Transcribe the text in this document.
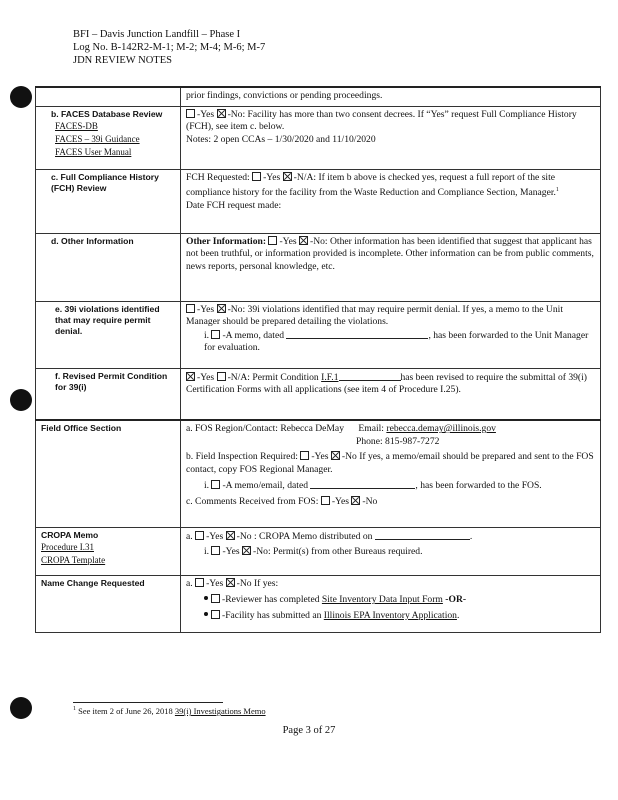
BFI – Davis Junction Landfill – Phase I
Log No. B-142R2-M-1; M-2; M-4; M-6; M-7
JDN REVIEW NOTES
	prior findings, convictions or pending proceedings.

b. FACES Database Review
FACES-DB
FACES – 39i Guidance
FACES User Manual	-Yes -No: Facility has more than two consent decrees. If “Yes” request Full Compliance History (FCH), see item c. below.
Notes: 2 open CCAs – 1/30/2020 and 11/10/2020

c. Full Compliance History (FCH) Review	FCH Requested: -Yes -N/A: If item b above is checked yes, request a full report of the site compliance history for the facility from the Waste Reduction and Compliance Section, Manager.$^1$
Date FCH request made:

d. Other Information	Other Information: -Yes -No: Other information has been identified that suggest that applicant has not been truthful, or information provided is incomplete. Other information can be from public comments, news reports, personal knowledge, etc.

e. 39i violations identified that may require permit denial.	-Yes -No: 39i violations identified that may require permit denial. If yes, a memo to the Unit Manager should be prepared detailing the violations.

i. -A memo, dated , has been forwarded to the Unit Manager for evaluation.

f. Revised Permit Condition for 39(i)	-Yes -N/A: Permit Condition I.F.1 has been revised to require the submittal of 39(i) Certification Forms with all applications (see item 4 of Procedure I.25).

Field Office Section	a. FOS Region/Contact: Rebecca DeMay Email: rebecca.demay@illinois.gov

Phone: 815-987-7272
b. Field Inspection Required: -Yes -No If yes, a memo/email should be prepared and sent to the FOS contact, copy FOS Regional Manager.
i. -A memo/email, dated , has been forwarded to the FOS.
c. Comments Received from FOS: -Yes -No

CROPA Memo
Procedure I.31
CROPA Template	a. -Yes -No : CROPA Memo distributed on .

i. -Yes -No: Permit(s) from other Bureaus required.

Name Change Requested	a. -Yes -No If yes:
-Reviewer has completed Site Inventory Data Input Form -OR-
-Facility has submitted an Illinois EPA Inventory Application.
$^1$ See item 2 of June 26, 2018 39(i) Investigations Memo
Page 3 of 27
